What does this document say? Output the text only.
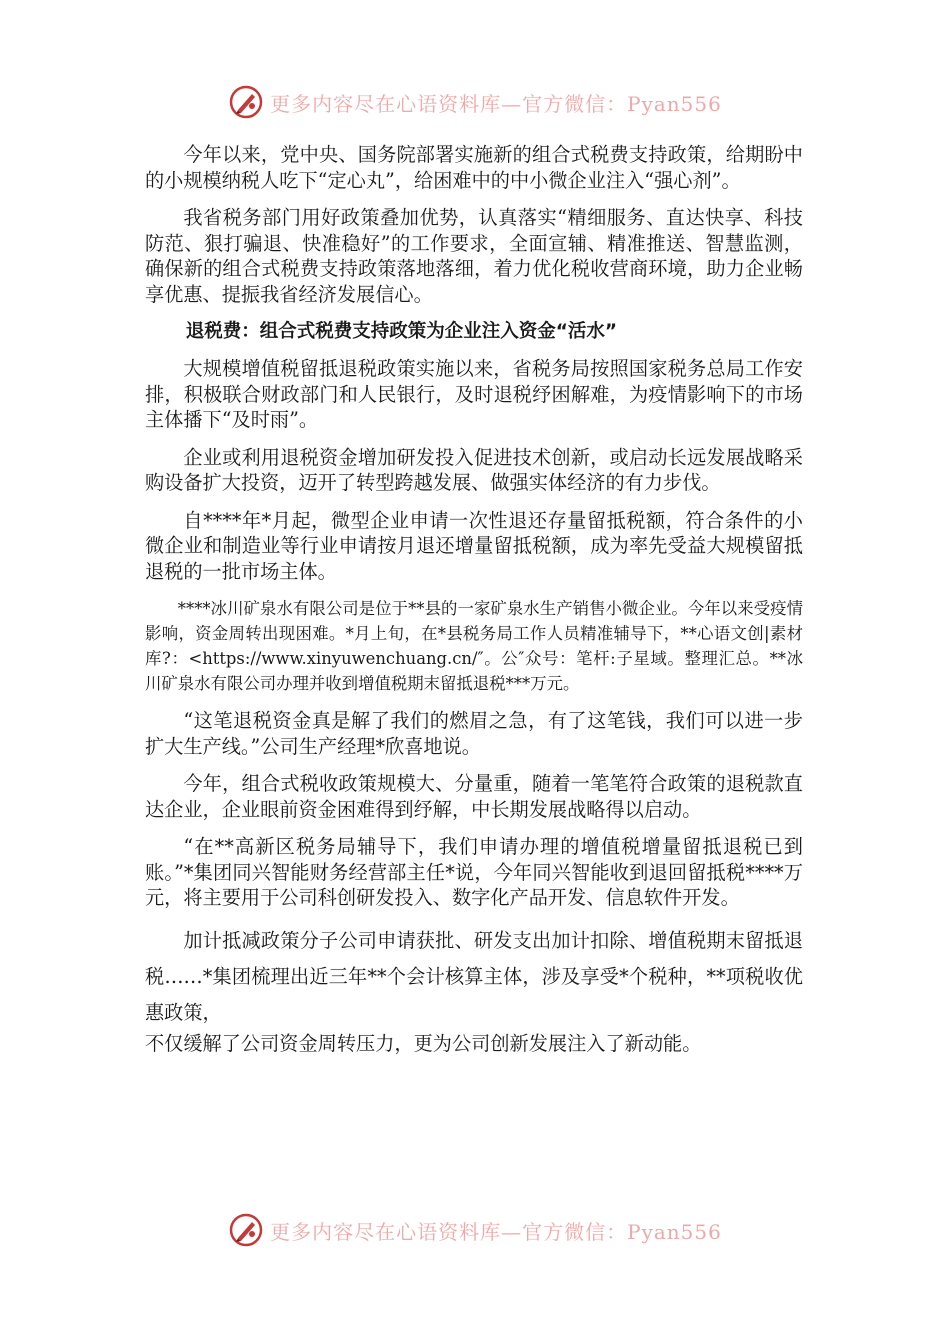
更多内容尽在心语资料库—官方微信：Pyan556

今年以来，党中央、国务院部署实施新的组合式税费支持政策，给期盼中的小规模纳税人吃下“定心丸”，给困难中的中小微企业注入“强心剂”。

我省税务部门用好政策叠加优势，认真落实“精细服务、直达快享、科技防范、狠打骗退、快准稳好”的工作要求，全面宣辅、精准推送、智慧监测，确保新的组合式税费支持政策落地落细，着力优化税收营商环境，助力企业畅享优惠、提振我省经济发展信心。

退税费：组合式税费支持政策为企业注入资金“活水”

大规模增值税留抵退税政策实施以来，省税务局按照国家税务总局工作安排，积极联合财政部门和人民银行，及时退税纾困解难，为疫情影响下的市场主体播下“及时雨”。

企业或利用退税资金增加研发投入促进技术创新，或启动长远发展战略采购设备扩大投资，迈开了转型跨越发展、做强实体经济的有力步伐。

自****年*月起，微型企业申请一次性退还存量留抵税额，符合条件的小微企业和制造业等行业申请按月退还增量留抵税额，成为率先受益大规模留抵退税的一批市场主体。

****冰川矿泉水有限公司是位于**县的一家矿泉水生产销售小微企业。今年以来受疫情影响，资金周转出现困难。*月上旬，在*县税务局工作人员精准辅导下，**心语文创|素材库?：<https://www.xinyuwenchuang.cn/″。公″众号：笔杆:子星域。整理汇总。**冰川矿泉水有限公司办理并收到增值税期末留抵退税***万元。

“这笔退税资金真是解了我们的燃眉之急，有了这笔钱，我们可以进一步扩大生产线。”公司生产经理*欣喜地说。

今年，组合式税收政策规模大、分量重，随着一笔笔符合政策的退税款直达企业，企业眼前资金困难得到纾解，中长期发展战略得以启动。

“在**高新区税务局辅导下，我们申请办理的增值税增量留抵退税已到账。”*集团同兴智能财务经营部主任*说，今年同兴智能收到退回留抵税****万元，将主要用于公司科创研发投入、数字化产品开发、信息软件开发。

加计抵减政策分子公司申请获批、研发支出加计扣除、增值税期末留抵退税……*集团梳理出近三年**个会计核算主体，涉及享受*个税种，**项税收优惠政策，

不仅缓解了公司资金周转压力，更为公司创新发展注入了新动能。

更多内容尽在心语资料库—官方微信：Pyan556
